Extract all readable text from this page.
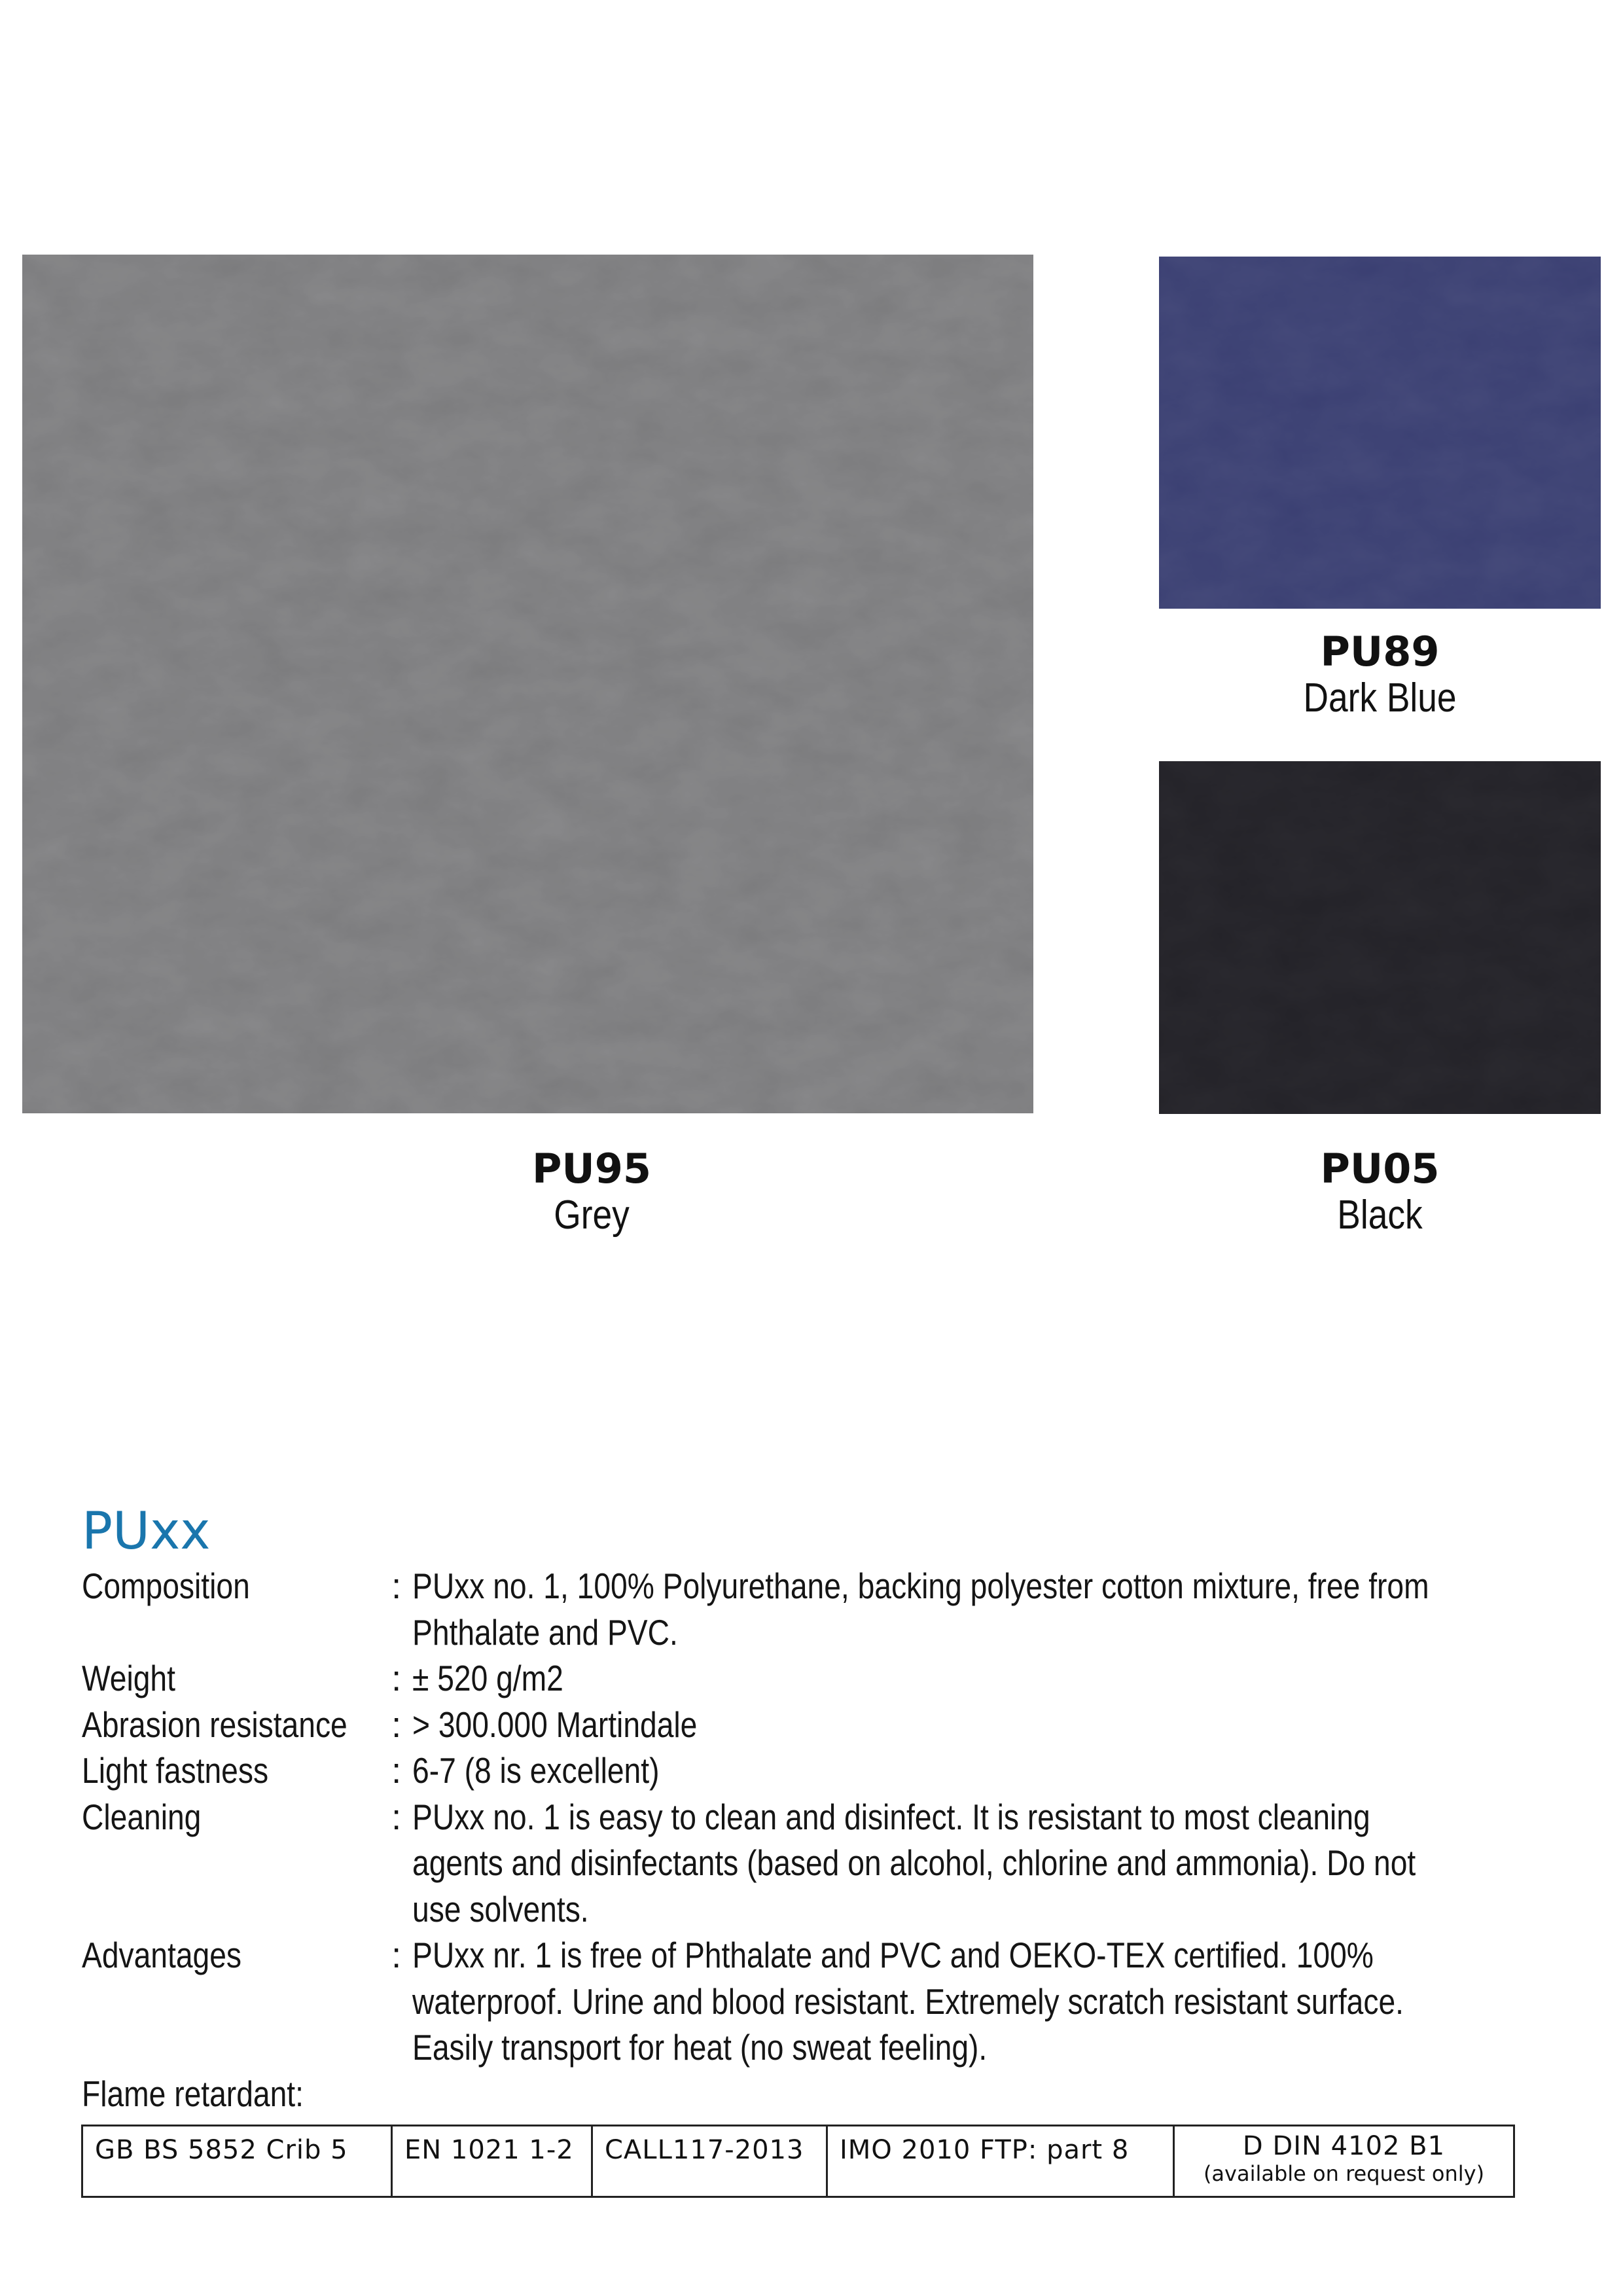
PU89
Dark Blue
PU95
Grey
PU05
Black
PUxx
Composition	: PUxx no. 1, 100% Polyurethane, backing polyester cotton mixture, free from
Phthalate and PVC.
Weight	: ± 520 g/m2
Abrasion resistance : > 300.000 Martindale
Light fastness	: 6-7 (8 is excellent)
Cleaning	: PUxx no. 1 is easy to clean and disinfect. It is resistant to most cleaning
agents and disinfectants (based on alcohol, chlorine and ammonia). Do not
use solvents.
Advantages	: PUxx nr. 1 is free of Phthalate and PVC and OEKO-TEX certified. 100%
waterproof. Urine and blood resistant. Extremely scratch resistant surface.
Easily transport for heat (no sweat feeling).
Flame retardant:
GB BS 5852 Crib 5	EN 1021 1-2	CALL117-2013	IMO 2010 FTP: part 8	D DIN 4102 B1
(available on request only)
